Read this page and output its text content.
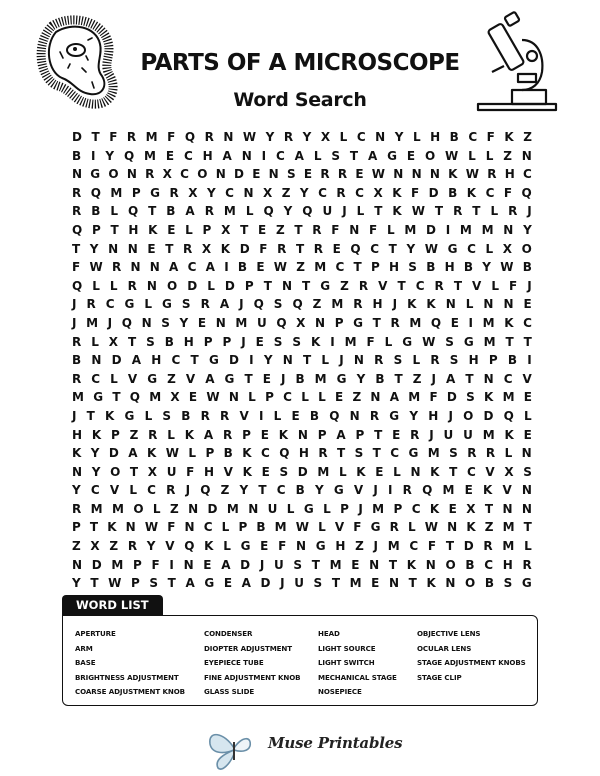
PARTS OF A MICROSCOPE
Word Search
D T F R M F Q R N W Y R Y X L C N Y L H B C F K Z
B I Y Q M E C H A N I C A L S T A G E O W L L Z N
N G O N R X C O N D E N S E R R E W N N N K W R H C
R Q M P G R X Y C N X Z Y C R C X K F D B K C F Q
R B L Q T B A R M L Q Y Q U J L T K W T R T L R J
Q P T H K E L P X T E Z T R F N F L M D I M M N Y
T Y N N E T R X K D F R T R E Q C T Y W G C L X O
F W R N N A C A I B E W Z M C T P H S B H B Y W B
Q L L R N O D L D P T N T G Z R V T C R T V L F J
J R C G L G S R A J Q S Q Z M R H J K K N L N N E
J M J Q N S Y E N M U Q X N P G T R M Q E I M K C
R L X T S B H P P J E S S K I M F L G W S G M T T
B N D A H C T G D I Y N T L J N R S L R S H P B I
R C L V G Z V A G T E J B M G Y B T Z J A T N C V
M G T Q M X E W N L P C L L E Z N A M F D S K M E
J T K G L S B R R V I L E B Q N R G Y H J O D Q L
H K P Z R L K A R P E K N P A P T E R J U U M K E
K Y D A K W L P B K C Q H R T S T C G M S R R L N
N Y O T X U F H V K E S D M L K E L N K T C V X S
Y C V L C R J Q Z Y T C B Y G V J I R Q M E K V N
R M M O L Z N D M N U L G L P J M P C K E X T N N
P T K N W F N C L P B M W L V F G R L W N K Z M T
Z X Z R Y V Q K L G E F N G H Z J M C F T D R M L
N D M P F I N E A D J U S T M E N T K N O B C H R
Y T W P S T A G E A D J U S T M E N T K N O B S G
WORD LIST
APERTURE
ARM
BASE
BRIGHTNESS ADJUSTMENT
COARSE ADJUSTMENT KNOB
CONDENSER
DIOPTER ADJUSTMENT
EYEPIECE TUBE
FINE ADJUSTMENT KNOB
GLASS SLIDE
HEAD
LIGHT SOURCE
LIGHT SWITCH
MECHANICAL STAGE
NOSEPIECE
OBJECTIVE LENS
OCULAR LENS
STAGE ADJUSTMENT KNOBS
STAGE CLIP
Muse Printables
